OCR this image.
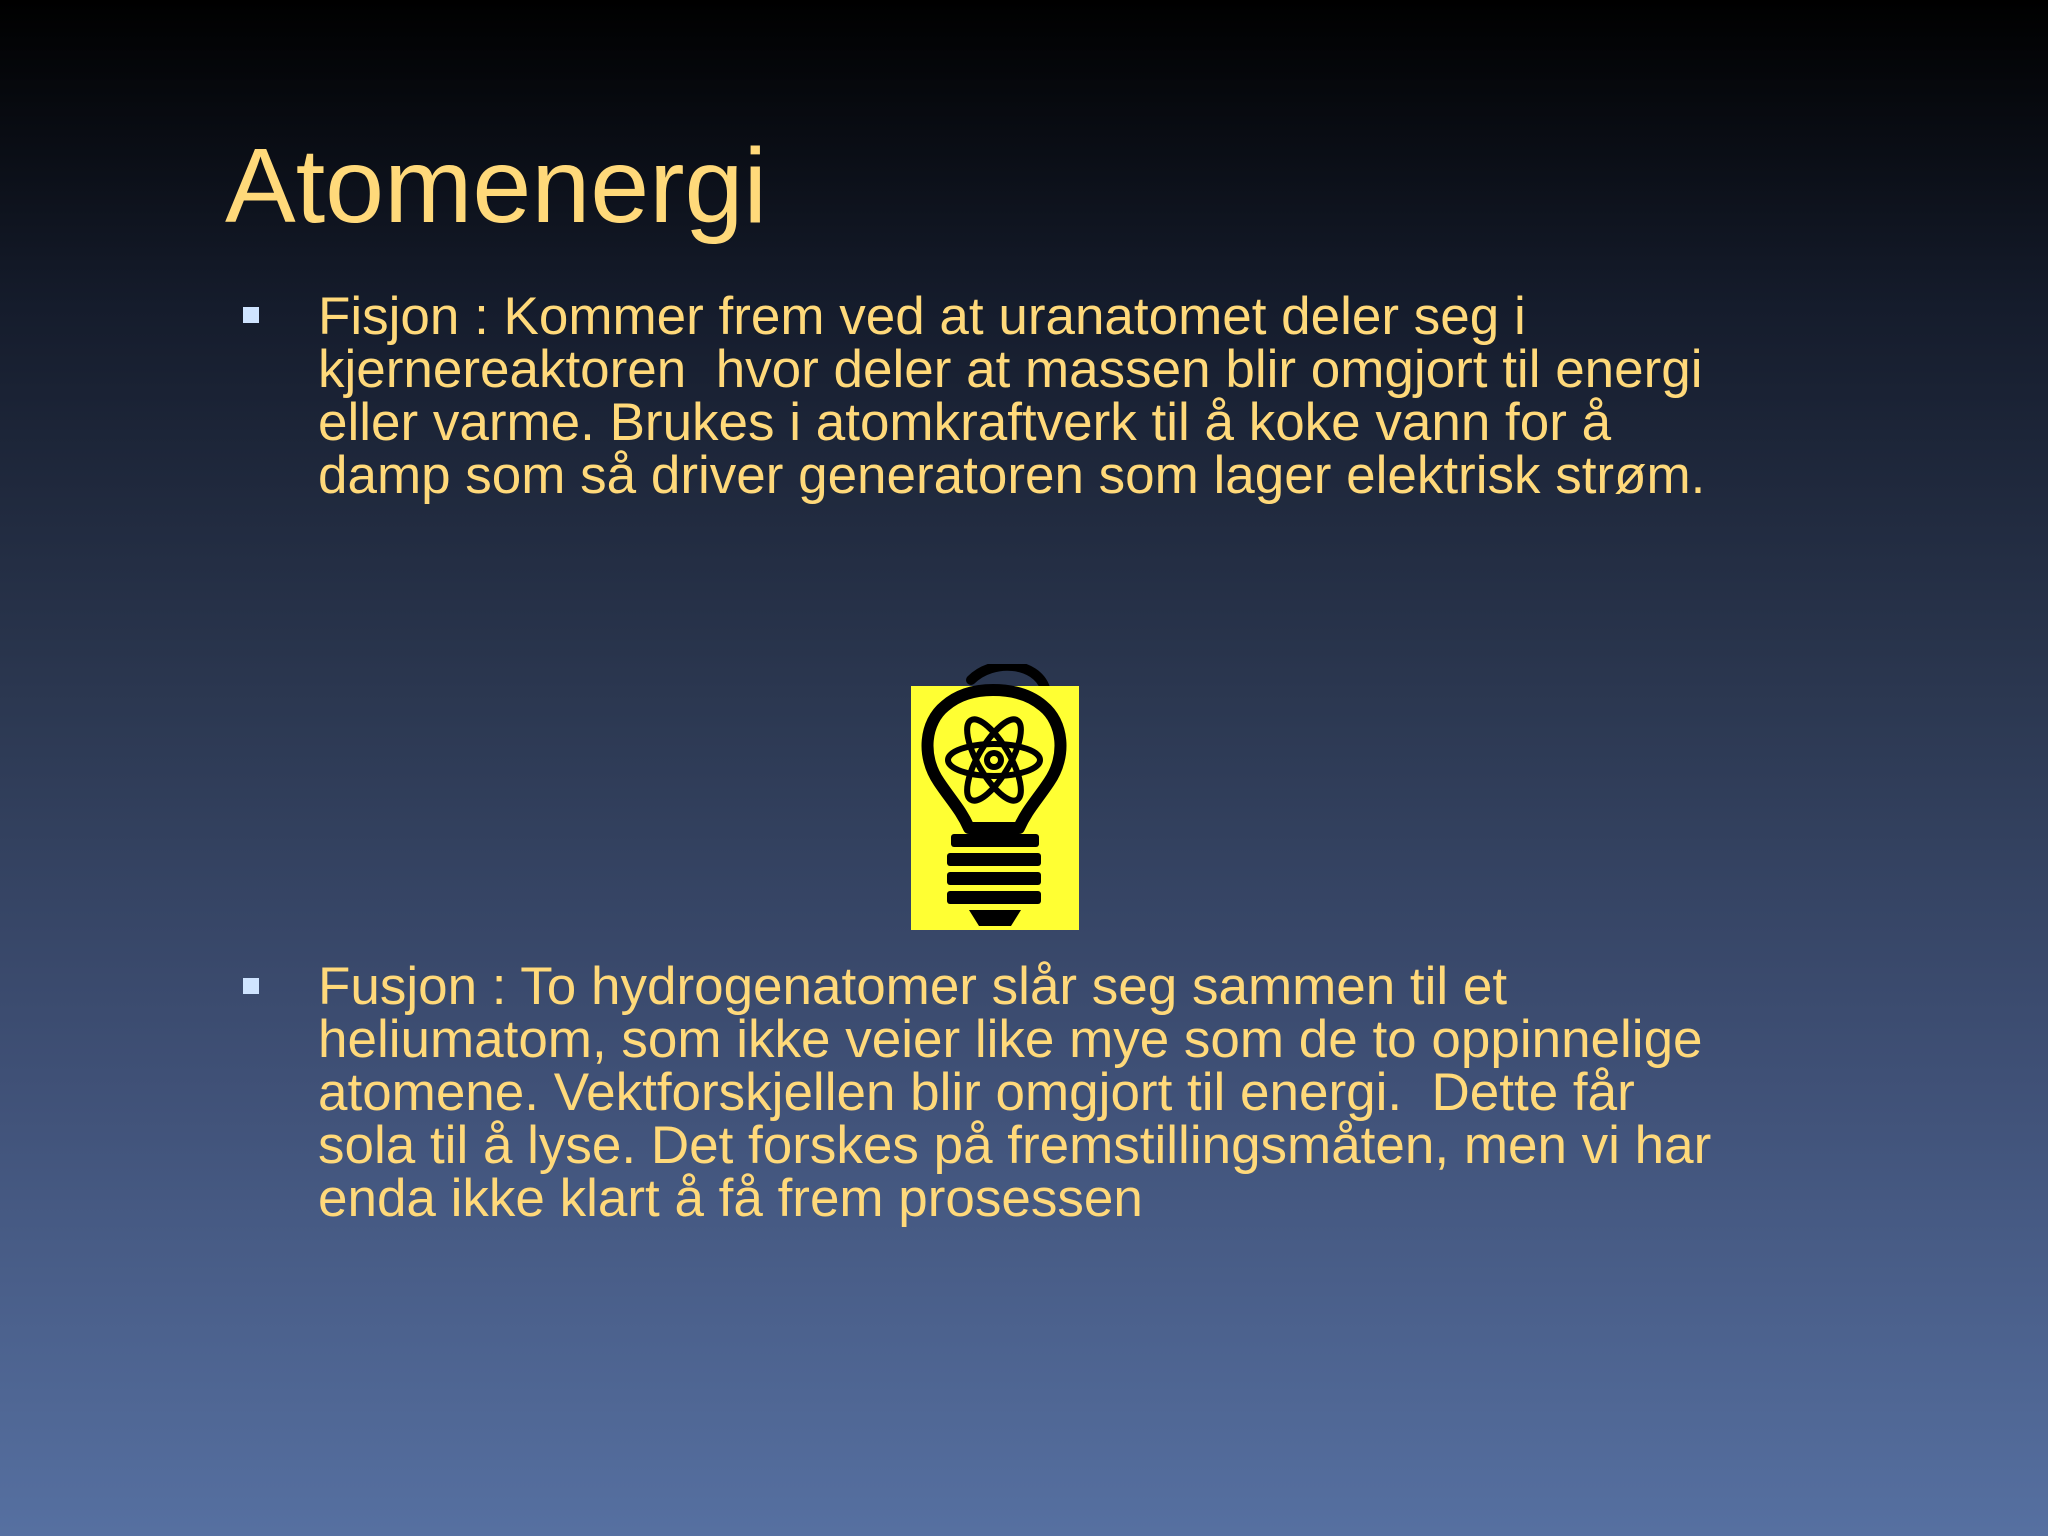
Atomenergi

Fisjon : Kommer frem ved at uranatomet deler seg i
kjernereaktoren  hvor deler at massen blir omgjort til energi
eller varme. Brukes i atomkraftverk til å koke vann for å
damp som så driver generatoren som lager elektrisk strøm.

Fusjon : To hydrogenatomer slår seg sammen til et
heliumatom, som ikke veier like mye som de to oppinnelige
atomene. Vektforskjellen blir omgjort til energi.  Dette får
sola til å lyse. Det forskes på fremstillingsmåten, men vi har
enda ikke klart å få frem prosessen
